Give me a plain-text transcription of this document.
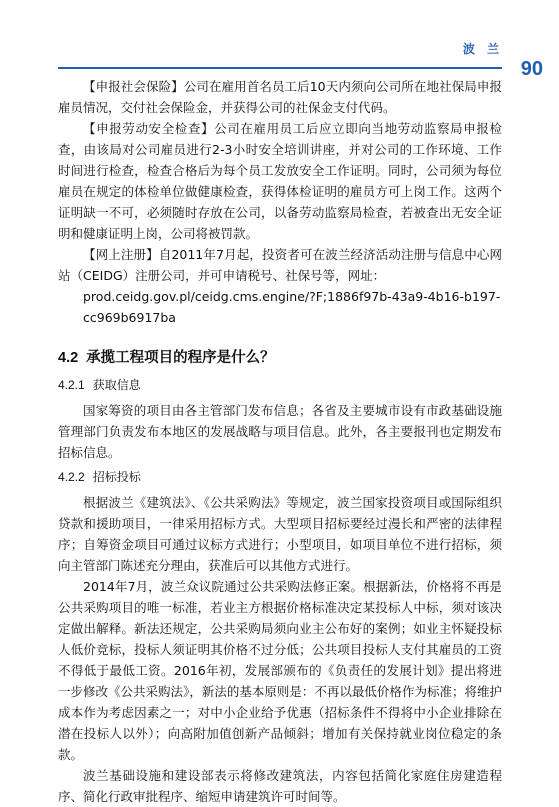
波 兰
90

【申报社会保险】公司在雇用首名员工后10天内须向公司所在地社保局申报雇员情况，交付社会保险金，并获得公司的社保金支付代码。

【申报劳动安全检查】公司在雇用员工后应立即向当地劳动监察局申报检查，由该局对公司雇员进行2-3小时安全培训讲座，并对公司的工作环境、工作时间进行检查，检查合格后为每个员工发放安全工作证明。同时，公司须为每位雇员在规定的体检单位做健康检查，获得体检证明的雇员方可上岗工作。这两个证明缺一不可，必须随时存放在公司，以备劳动监察局检查，若被查出无安全证明和健康证明上岗，公司将被罚款。

【网上注册】自2011年7月起，投资者可在波兰经济活动注册与信息中心网站（CEIDG）注册公司，并可申请税号、社保号等，网址：

prod.ceidg.gov.pl/ceidg.cms.engine/?F;1886f97b-43a9-4b16-b197-cc969b6917ba

4.2 承揽工程项目的程序是什么？
4.2.1 获取信息

国家筹资的项目由各主管部门发布信息；各省及主要城市设有市政基础设施管理部门负责发布本地区的发展战略与项目信息。此外，各主要报刊也定期发布招标信息。

4.2.2 招标投标

根据波兰《建筑法》、《公共采购法》等规定，波兰国家投资项目或国际组织贷款和援助项目，一律采用招标方式。大型项目招标要经过漫长和严密的法律程序；自筹资金项目可通过议标方式进行；小型项目，如项目单位不进行招标，须向主管部门陈述充分理由，获准后可以其他方式进行。

2014年7月，波兰众议院通过公共采购法修正案。根据新法，价格将不再是公共采购项目的唯一标准，若业主方根据价格标准决定某投标人中标，须对该决定做出解释。新法还规定，公共采购局须向业主公布好的案例；如业主怀疑投标人低价竞标，投标人须证明其价格不过分低；公共项目投标人支付其雇员的工资不得低于最低工资。2016年初，发展部颁布的《负责任的发展计划》提出将进一步修改《公共采购法》，新法的基本原则是：不再以最低价格作为标准；将维护成本作为考虑因素之一；对中小企业给予优惠（招标条件不得将中小企业排除在潜在投标人以外）；向高附加值创新产品倾斜；增加有关保持就业岗位稳定的条款。

波兰基础设施和建设部表示将修改建筑法，内容包括简化家庭住房建造程序、简化行政审批程序、缩短申请建筑许可时间等。
